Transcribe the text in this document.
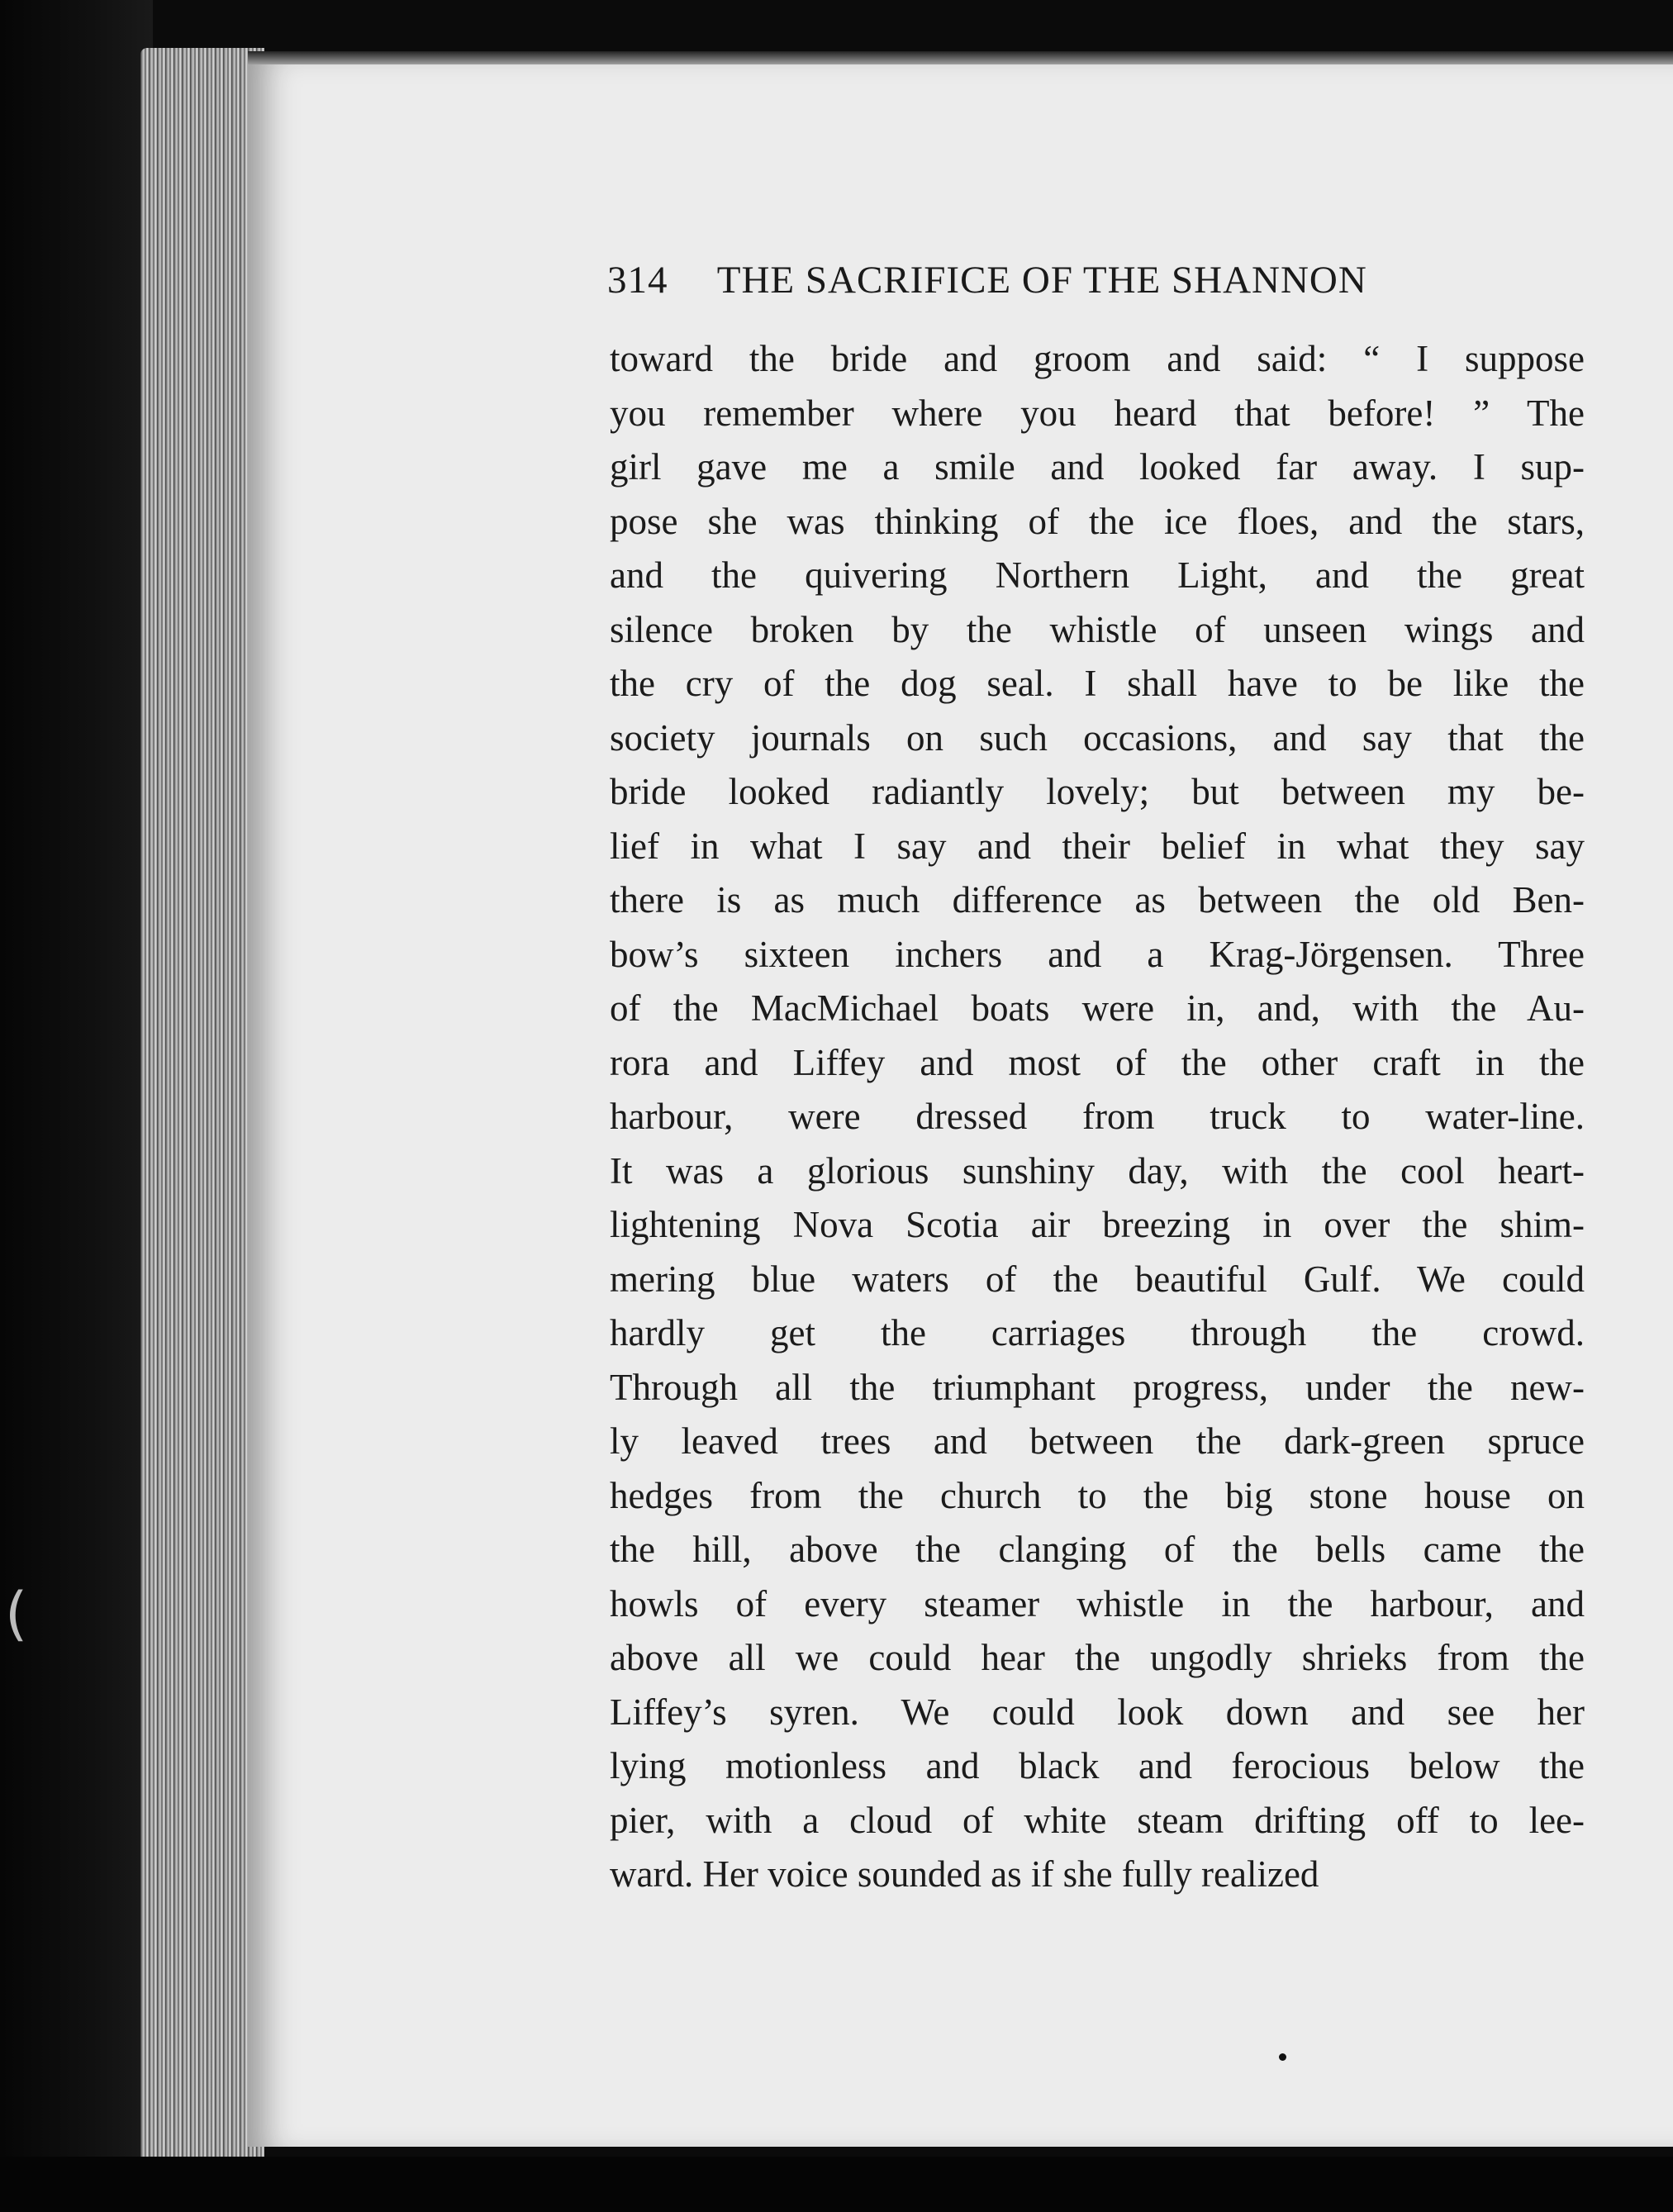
314 THE SACRIFICE OF THE SHANNON
toward the bride and groom and said: “ I suppose
you remember where you heard that before! ” The
girl gave me a smile and looked far away. I sup-
pose she was thinking of the ice floes, and the stars,
and the quivering Northern Light, and the great
silence broken by the whistle of unseen wings and
the cry of the dog seal. I shall have to be like the
society journals on such occasions, and say that the
bride looked radiantly lovely; but between my be-
lief in what I say and their belief in what they say
there is as much difference as between the old Ben-
bow’s sixteen inchers and a Krag-Jörgensen. Three
of the MacMichael boats were in, and, with the Au-
rora and Liffey and most of the other craft in the
harbour, were dressed from truck to water-line.
It was a glorious sunshiny day, with the cool heart-
lightening Nova Scotia air breezing in over the shim-
mering blue waters of the beautiful Gulf. We could
hardly get the carriages through the crowd.
Through all the triumphant progress, under the new-
ly leaved trees and between the dark-green spruce
hedges from the church to the big stone house on
the hill, above the clanging of the bells came the
howls of every steamer whistle in the harbour, and
above all we could hear the ungodly shrieks from the
Liffey’s syren. We could look down and see her
lying motionless and black and ferocious below the
pier, with a cloud of white steam drifting off to lee-
ward. Her voice sounded as if she fully realized
(
